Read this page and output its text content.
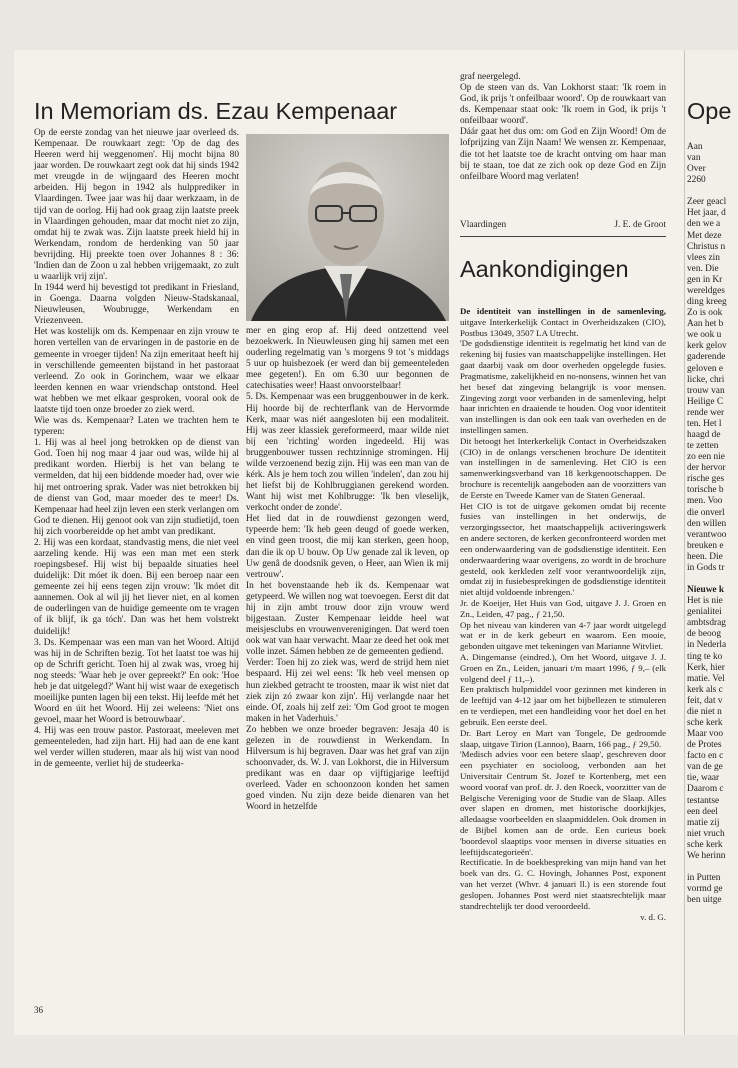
In Memoriam ds. Ezau Kempenaar

Op de eerste zondag van het nieuwe jaar overleed ds. Kempenaar. De rouwkaart zegt: 'Op de dag des Heeren werd hij weggenomen'. Hij mocht bijna 80 jaar worden. De rouwkaart zegt ook dat hij sinds 1942 met vreugde in de wijngaard des Heeren mocht arbeiden. Hij begon in 1942 als hulpprediker in Vlaardingen. Twee jaar was hij daar werkzaam, in de tijd van de oorlog. Hij had ook graag zijn laatste preek in Vlaardingen gehouden, maar dat mocht niet zo zijn, omdat hij te zwak was. Zijn laatste preek hield hij in Werkendam, rondom de herdenking van 50 jaar bevrijding. Hij preekte toen over Johannes 8 : 36: 'Indien dan de Zoon u zal hebben vrijgemaakt, zo zult u waarlijk vrij zijn'.

In 1944 werd hij bevestigd tot predikant in Friesland, in Goenga. Daarna volgden Nieuw-Stadskanaal, Nieuwleusen, Woubrugge, Werkendam en Vriezenveen.

Het was kostelijk om ds. Kempenaar en zijn vrouw te horen vertellen van de ervaringen in de pastorie en de gemeente in vroeger tijden! Na zijn emeritaat heeft hij in verschillende gemeenten bijstand in het pastoraat verleend. Zo ook in Gorinchem, waar we elkaar leerden kennen en waar vriendschap ontstond. Heel wat hebben we met elkaar gesproken, vooral ook de laatste tijd toen onze broeder zo ziek werd.

Wie was ds. Kempenaar? Laten we trachten hem te typeren:

1. Hij was al heel jong betrokken op de dienst van God. Toen hij nog maar 4 jaar oud was, wilde hij al predikant worden. Hierbij is het van belang te vermelden, dat hij een biddende moeder had, over wie hij met ontroering sprak. Vader was niet betrokken bij de dienst van God, maar moeder des te meer! Ds. Kempenaar had heel zijn leven een sterk verlangen om God te dienen. Hij genoot ook van zijn studietijd, toen hij zich voorbereidde op het ambt van predikant.

2. Hij was een kordaat, standvastig mens, die niet veel aarzeling kende. Hij was een man met een sterk roepingsbesef. Hij wist bij bepaalde situaties heel duidelijk: Dit móet ik doen. Bij een beroep naar een gemeente zei hij eens tegen zijn vrouw: 'Ik móet dit aannemen. Ook al wil jij het liever niet, en al komen de ouderlingen van de huidige gemeente om te vragen of ik blijf, ik ga tóch'. Dan was het hem volstrekt duidelijk!

3. Ds. Kempenaar was een man van het Woord. Altijd was hij in de Schriften bezig. Tot het laatst toe was hij op de Schrift gericht. Toen hij al zwak was, vroeg hij nog steeds: 'Waar heb je over gepreekt?' En ook: 'Hoe heb je dat uitgelegd?' Want hij wist waar de exegetisch moeilijke punten lagen bij een tekst. Hij leefde mét het Woord en úit het Woord. Hij zei weleens: 'Niet ons gevoel, maar het Woord is betrouwbaar'.

4. Hij was een trouw pastor. Pastoraat, meeleven met gemeenteleden, had zijn hart. Hij had aan de ene kant wel verder willen studeren, maar als hij wist van nood in de gemeente, verliet hij de studeerka-

mer en ging erop af. Hij deed ontzettend veel bezoekwerk. In Nieuwleusen ging hij samen met een ouderling regelmatig van 's morgens 9 tot 's middags 5 uur op huisbezoek (er werd dan bij gemeenteleden mee gegeten!). En om 6.30 uur begonnen de catechisaties weer! Haast onvoorstelbaar!

5. Ds. Kempenaar was een bruggenbouwer in de kerk. Hij hoorde bij de rechterflank van de Hervormde Kerk, maar was niét aangesloten bij een modaliteit. Hij was zeer klassiek gereformeerd, maar wilde niet bij een 'richting' worden ingedeeld. Hij was bruggenbouwer tussen rechtzinnige stromingen. Hij wilde verzoenend bezig zijn. Hij was een man van de kérk. Als je hem toch zou willen 'indelen', dan zou hij het liefst bij de Kohlbruggianen gerekend worden. Want hij wist met Kohlbrugge: 'Ik ben vleselijk, verkocht onder de zonde'.

Het lied dat in de rouwdienst gezongen werd, typeerde hem: 'Ik heb geen deugd of goede werken, en vind geen troost, die mij kan sterken, geen hoop, dan die ik op U bouw. Op Uw genade zal ik leven, op Uw genâ de doodsnik geven, o Heer, aan Wien ik mij vertrouw'.

In het bovenstaande heb ik ds. Kempenaar wat getypeerd. We willen nog wat toevoegen. Eerst dit dat hij in zijn ambt trouw door zijn vrouw werd bijgestaan. Zuster Kempenaar leidde heel wat meisjesclubs en vrouwenverenigingen. Dat werd toen ook wat van haar verwacht. Maar ze deed het ook met volle inzet. Sámen hebben ze de gemeenten gediend.

Verder: Toen hij zo ziek was, werd de strijd hem niet bespaard. Hij zei wel eens: 'Ik heb veel mensen op hun ziekbed getracht te troosten, maar ik wist niet dat ziek zijn zó zwaar kon zijn'. Hij verlangde naar het einde. Of, zoals hij zelf zei: 'Om God groot te mogen maken in het Vaderhuis.'

Zo hebben we onze broeder begraven: Jesaja 40 is gelezen in de rouwdienst in Werkendam. In Hilversum is hij begraven. Daar was het graf van zijn schoonvader, ds. W. J. van Lokhorst, die in Hilversum predikant was en daar op vijftigjarige leeftijd overleed. Vader en schoonzoon konden het samen goed vinden. Nu zijn deze beide dienaren van het Woord in hetzelfde

graf neergelegd.

Op de steen van ds. Van Lokhorst staat: 'Ik roem in God, ik prijs 't onfeilbaar woord'. Op de rouwkaart van ds. Kempenaar staat ook: 'Ik roem in God, ik prijs 't onfeilbaar woord'.

Dáár gaat het dus om: om God en Zijn Woord! Om de lofprijzing van Zijn Naam! We wensen zr. Kempenaar, die tot het laatste toe de kracht ontving om haar man bij te staan, toe dat ze zich ook op deze God en Zijn onfeilbare Woord mag verlaten!

Vlaardingen	J. E. de Groot
Aankondigingen

De identiteit van instellingen in de samenleving, uitgave Interkerkelijk Contact in Overheidszaken (CIO), Postbus 13049, 3507 LA Utrecht.

'De godsdienstige identiteit is regelmatig het kind van de rekening bij fusies van maatschappelijke instellingen. Het gaat daarbij vaak om door overheden opgelegde fusies. Pragmatisme, zakelijkheid en no-nonsens, winnen het van het besef dat zingeving belangrijk is voor mensen. Zingeving zorgt voor verbanden in de samenleving, helpt haar inrichten en draaiende te houden. Oog voor identiteit van instellingen is dan ook een taak van overheden en de instellingen samen.

Dit betoogt het Interkerkelijk Contact in Overheidszaken (CIO) in de onlangs verschenen brochure De identiteit van instellingen in de samenleving. Het CIO is een samenwerkingsverband van 18 kerkgenootschappen. De brochure is recentelijk aangeboden aan de voorzitters van de Eerste en Tweede Kamer van de Staten Generaal.

Het CIO is tot de uitgave gekomen omdat bij recente fusies van instellingen in het onderwijs, de verzorgingssector, het maatschappelijk activeringswerk en andere sectoren, de kerken geconfronteerd worden met een onderwaardering van de godsdienstige identiteit. Een onderwaardering waar overigens, zo wordt in de brochure gesteld, ook kerkleden zelf voor verantwoordelijk zijn, omdat zij in fusiebesprekingen de godsdienstige identiteit niet altijd voldoende inbrengen.'

Jr. de Koeijer, Het Huis van God, uitgave J. J. Groen en Zn., Leiden, 47 pag., ƒ 21,50.

Op het niveau van kinderen van 4-7 jaar wordt uitgelegd wat er in de kerk gebeurt en waarom. Een mooie, gebonden uitgave met tekeningen van Marianne Witvliet.

A. Dingemanse (eindred.), Om het Woord, uitgave J. J. Groen en Zn., Leiden, januari t/m maart 1996, ƒ 9,– (elk volgend deel ƒ 11,–).

Een praktisch hulpmiddel voor gezinnen met kinderen in de leeftijd van 4-12 jaar om het bijbellezen te stimuleren en te verdiepen, met een handleiding voor het doel en het gebruik. Een eerste deel.

Dr. Bart Leroy en Mart van Tongele, De gedroomde slaap, uitgave Tirion (Lannoo), Baarn, 166 pag., ƒ 29,50.

'Medisch advies voor een betere slaap', geschreven door een psychiater en socioloog, verbonden aan het Universitair Centrum St. Jozef te Kortenberg, met een woord vooraf van prof. dr. J. den Roeck, voorzitter van de Belgische Vereniging voor de Studie van de Slaap. Alles over slapen en dromen, met historische doorkijkjes, alledaagse voorbeelden en slaapmiddelen. Ook dromen in de Bijbel komen aan de orde. Een curieus boek 'boordevol slaaptips voor mensen in diverse situaties en leeftijdscategorieën'.

Rectificatie. In de boekbespreking van mijn hand van het boek van drs. G. C. Hovingh, Johannes Post, exponent van het verzet (Whvr. 4 januari ll.) is een storende fout geslopen. Johannes Post werd niet staatsrechtelijk maar standrechtelijk ter dood veroordeeld.

v. d. G.

36
Ope
Aan
van
Over
2260
Zeer geacl
Het jaar, d
den we a
Met deze
Christus n
vlees zin
ven. Die
gen in Kr
wereldges
ding kreeg
Zo is ook
Aan het b
we ook u
kerk gelov
gaderende
geloven e
licke, chri
trouw van
Heilige C
rende wer
ten. Het l
haagd de
te zetten
zo een nie
der hervor
rische ges
torische b
men. Voo
die onverl
den willen
verantwoo
breuken e
heen. Die
in Gods tr
Nieuwe k
Het is nie
genialitei
ambtsdrag
de beoog
in Nederla
ting te ko
Kerk, hier
matie. Vel
kerk als c
feit, dat v
die niet n
sche kerk
Maar voo
de Protes
facto en c
van de ge
tie, waar
Daarom c
testantse
een deel
matie zij
niet vruch
sche kerk
We herinn
in Putten
vormd ge
ben uitge
